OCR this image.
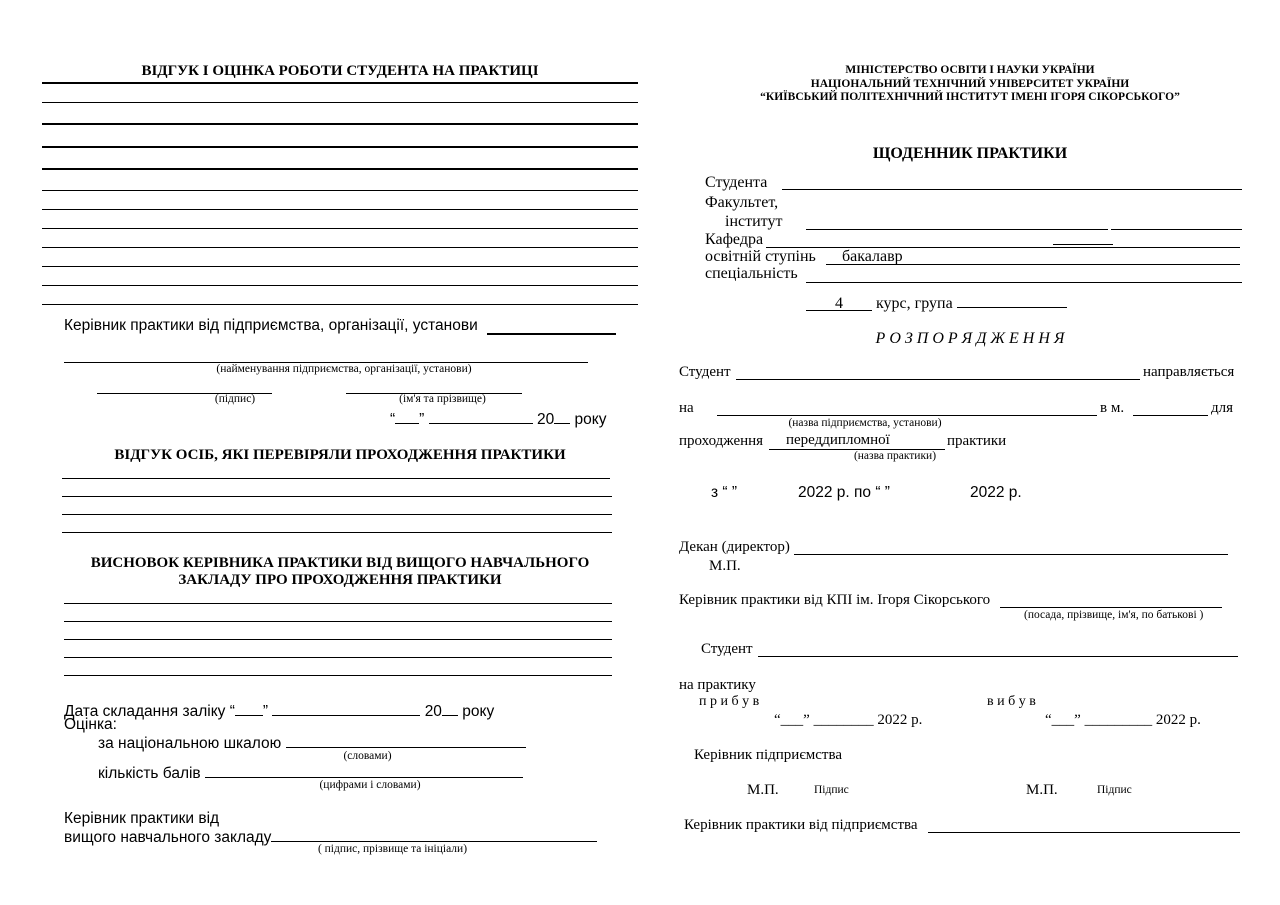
ВІДГУК І ОЦІНКА РОБОТИ СТУДЕНТА НА ПРАКТИЦІ
Керівник практики від підприємства, організації, установи
(найменування підприємства, організації, установи)
(підпис)	(ім'я та прізвище)
“ ”	20 року
ВІДГУК ОСІБ, ЯКІ ПЕРЕВІРЯЛИ ПРОХОДЖЕННЯ ПРАКТИКИ
ВИСНОВОК КЕРІВНИКА ПРАКТИКИ ВІД ВИЩОГО НАВЧАЛЬНОГО
ЗАКЛАДУ ПРО ПРОХОДЖЕННЯ ПРАКТИКИ
Дата складання заліку “ ”	20 року
Оцінка:
за національною шкалою
(словами)
кількість балів
(цифрами і словами)
Керівник практики від
вищого навчального закладу
( підпис, прізвище та ініціали)
МІНІСТЕРСТВО ОСВІТИ І НАУКИ УКРАЇНИ
НАЦІОНАЛЬНИЙ ТЕХНІЧНИЙ УНІВЕРСИТЕТ УКРАЇНИ
“КИЇВСЬКИЙ ПОЛІТЕХНІЧНИЙ ІНСТИТУТ ІМЕНІ ІГОРЯ СІКОРСЬКОГО”
ЩОДЕННИК ПРАКТИКИ
Студента
Факультет,
інститут
Кафедра
освітній ступінь бакалавр
спеціальність
4 курс, група
Р О З П О Р Я Д Ж Е Н Н Я
Студент	направляється
на	в м.	для
(назва підприємства, установи)
проходження переддипломної	практики
(назва практики)
з “ ”	2022 р. по “ ”	2022 р.
Декан (директор)
М.П.
Керівник практики від КПІ ім. Ігоря Сікорського
(посада, прізвище, ім'я, по батькові )
Студент
на практику
п р и б у в	в и б у в
“___” ________ 2022 р.	“___” _________ 2022 р.
Керівник підприємства
М.П.	Підпис	М.П.	Підпис
Керівник практики від підприємства
